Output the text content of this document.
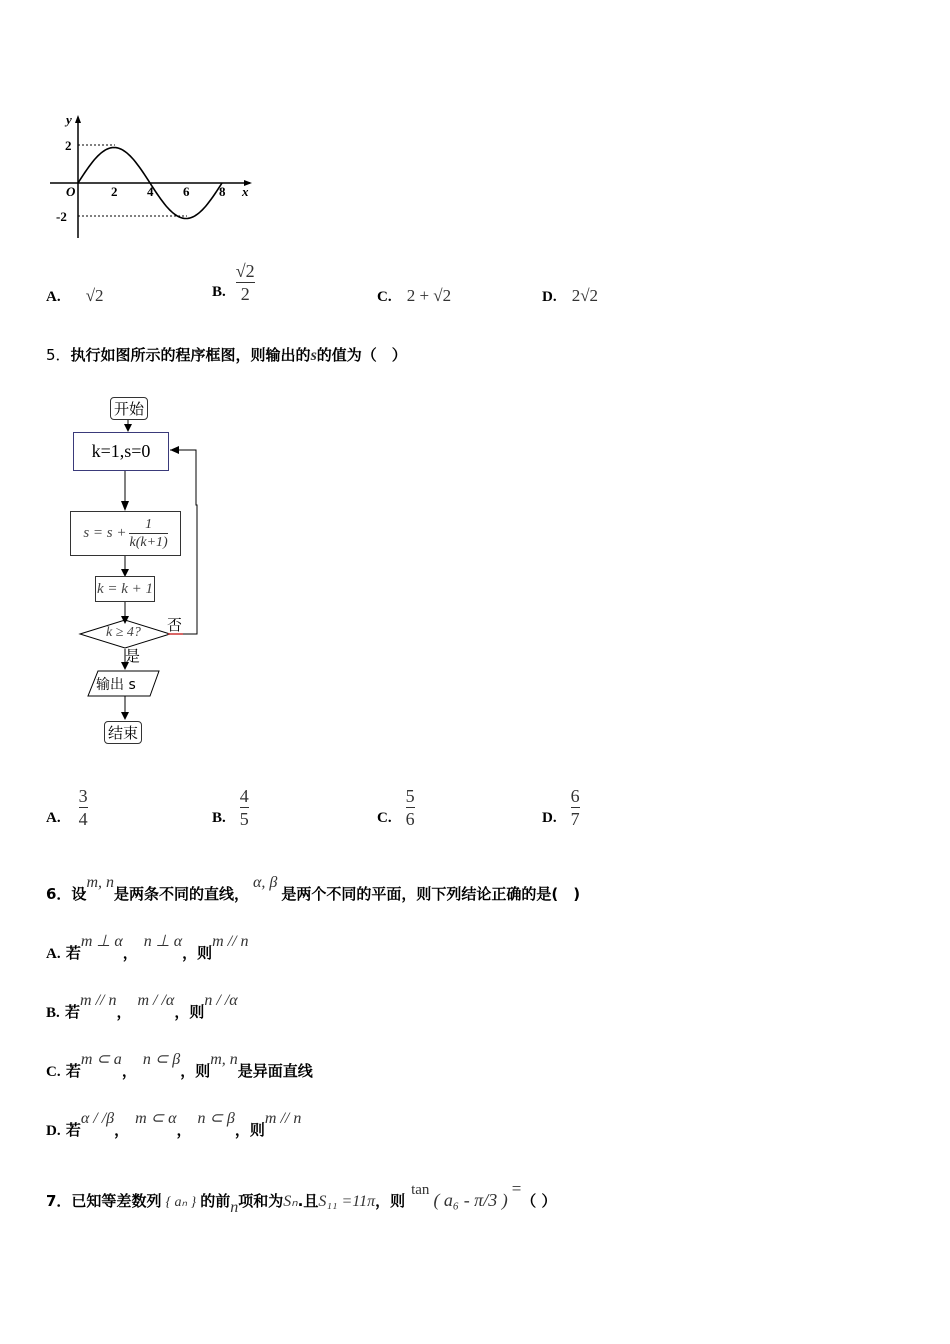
y
x
O	2 4 6 8
2
-2
A. √2	B. $\frac{√2}{2}$	C. 2 + √2	D. 2√2
5．执行如图所示的程序框图，则输出的s的值为（　）
开始
k=1,s=0
$s = s + \frac{1}{k(k+1)}$
k = k + 1
k ≥ 4? 否
是
输出 s
结束
A. $\frac{3}{4}$	B. $\frac{4}{5}$	C. $\frac{5}{6}$	D. $\frac{6}{7}$
6．设m, n是两条不同的直线，α, β是两个不同的平面，则下列结论正确的是(　)
A. 若m ⊥ α，n ⊥ α，则m // n
B. 若m // n，m / /α，则n / /α
C. 若m ⊂ a，n ⊂ β，则m, n是异面直线
D. 若α / /β，m ⊂ α，n ⊂ β，则m // n
7．已知等差数列 { aₙ } 的前n项和为Sₙ.且S₁₁ =11π，则tan ( a₆ - π/3 )=（ ）
